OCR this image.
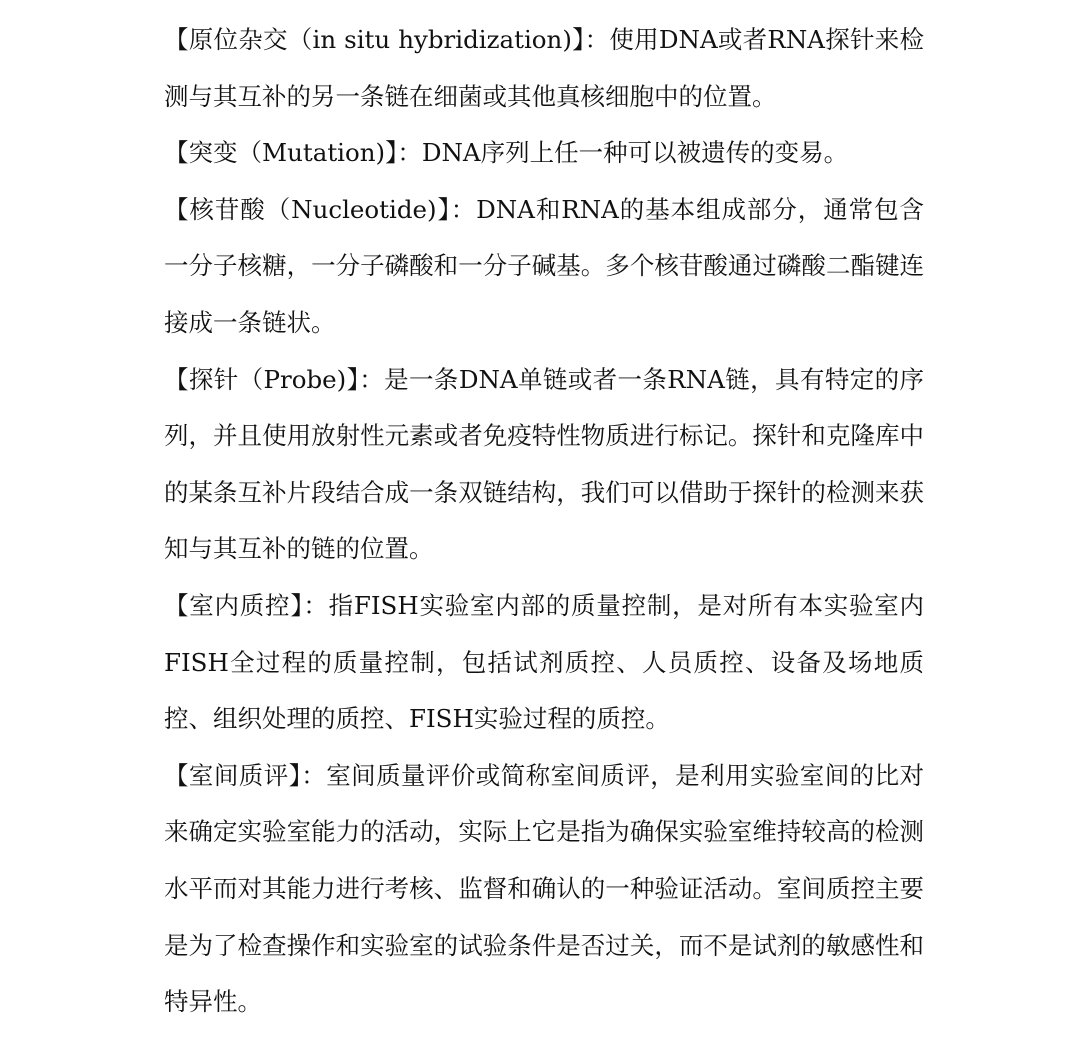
【原位杂交（in situ hybridization)】：使用DNA或者RNA探针来检测与其互补的另一条链在细菌或其他真核细胞中的位置。

【突变（Mutation)】：DNA序列上任一种可以被遗传的变易。

【核苷酸（Nucleotide)】：DNA和RNA的基本组成部分，通常包含一分子核糖，一分子磷酸和一分子碱基。多个核苷酸通过磷酸二酯键连接成一条链状。

【探针（Probe)】：是一条DNA单链或者一条RNA链，具有特定的序列，并且使用放射性元素或者免疫特性物质进行标记。探针和克隆库中的某条互补片段结合成一条双链结构，我们可以借助于探针的检测来获知与其互补的链的位置。

【室内质控】：指FISH实验室内部的质量控制，是对所有本实验室内FISH全过程的质量控制，包括试剂质控、人员质控、设备及场地质控、组织处理的质控、FISH实验过程的质控。

【室间质评】：室间质量评价或简称室间质评，是利用实验室间的比对来确定实验室能力的活动，实际上它是指为确保实验室维持较高的检测水平而对其能力进行考核、监督和确认的一种验证活动。室间质控主要是为了检查操作和实验室的试验条件是否过关，而不是试剂的敏感性和特异性。
